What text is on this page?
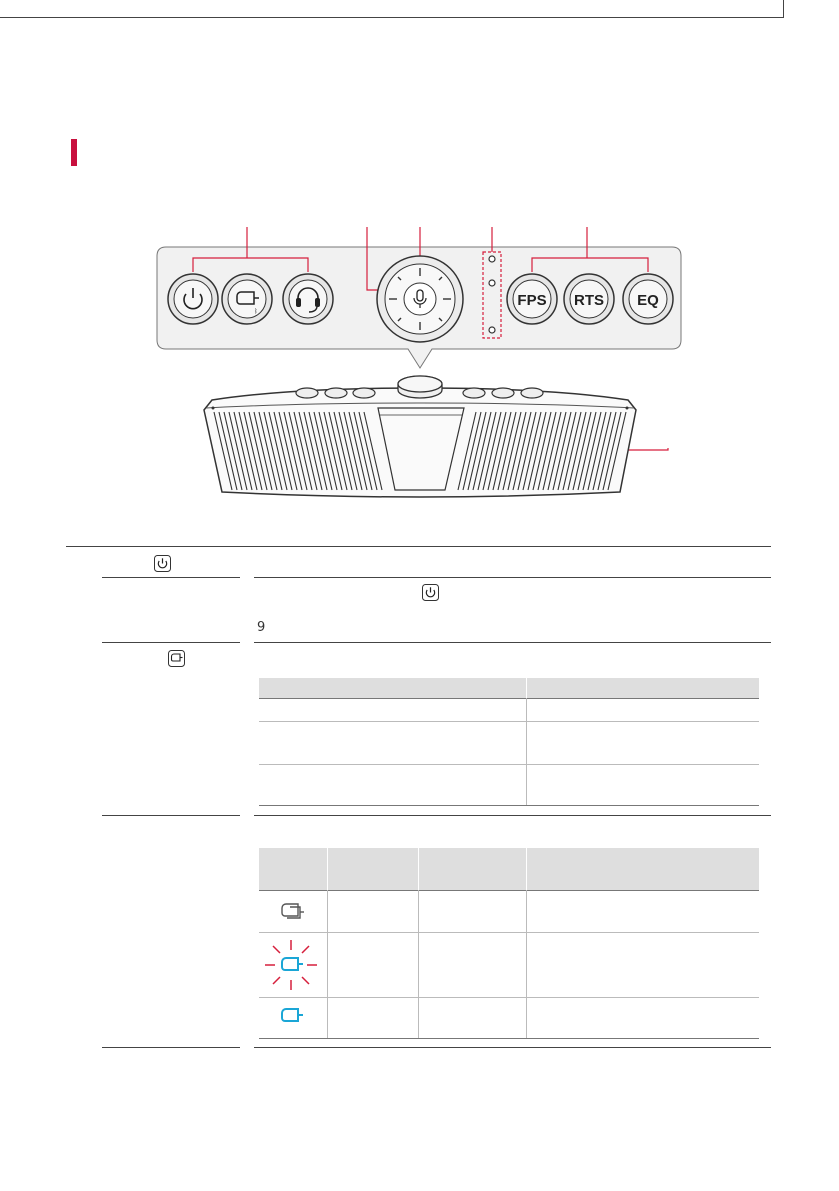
ᛒ
FPS RTS EQ
9
